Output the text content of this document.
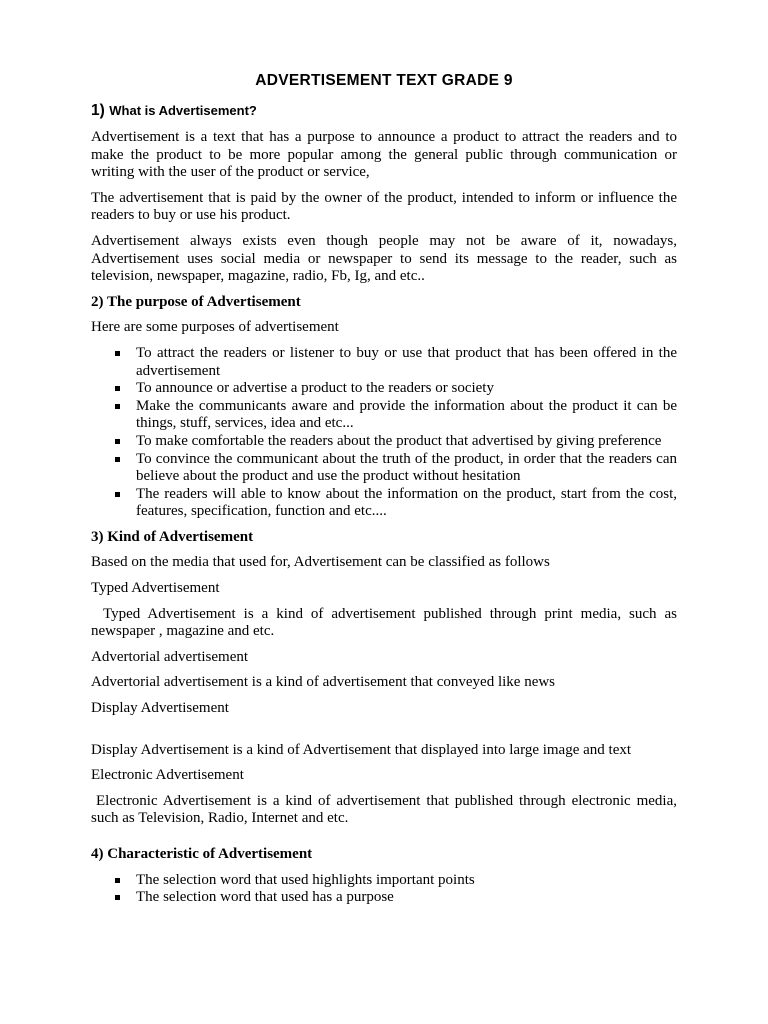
ADVERTISEMENT TEXT GRADE 9
1) What is Advertisement?

Advertisement is a text that has a purpose to announce a product to attract the readers and to make the product to be more popular among the general public through communication or writing with the user of the product or service,

The advertisement that is paid by the owner of the product, intended to inform or influence the readers to buy or use his product.

Advertisement always exists even though people may not be aware of it, nowadays, Advertisement uses social media or newspaper to send its message to the reader, such as television, newspaper, magazine, radio, Fb, Ig, and etc..

2) The purpose of Advertisement

Here are some purposes of advertisement

To attract the readers or listener to buy or use that product that has been offered in the advertisement
To announce or advertise a product to the readers or society
Make the communicants aware and provide the information about the product it can be things, stuff, services, idea and etc...
To make comfortable the readers about the product that advertised by giving preference
To convince the communicant about the truth of the product, in order that the readers can believe about the product and use the product without hesitation
The readers will able to know about the information on the product, start from the cost, features, specification, function and etc....
3) Kind of Advertisement

Based on the media that used for, Advertisement can be classified as follows

Typed Advertisement

Typed Advertisement is a kind of advertisement published through print media, such as newspaper , magazine and etc.

Advertorial advertisement

Advertorial advertisement is a kind of advertisement that conveyed like news

Display Advertisement

Display Advertisement is a kind of Advertisement that displayed into large image and text

Electronic Advertisement

Electronic Advertisement is a kind of advertisement that published through electronic media, such as Television, Radio, Internet and etc.

4) Characteristic of Advertisement
The selection word that used highlights important points
The selection word that used has a purpose
